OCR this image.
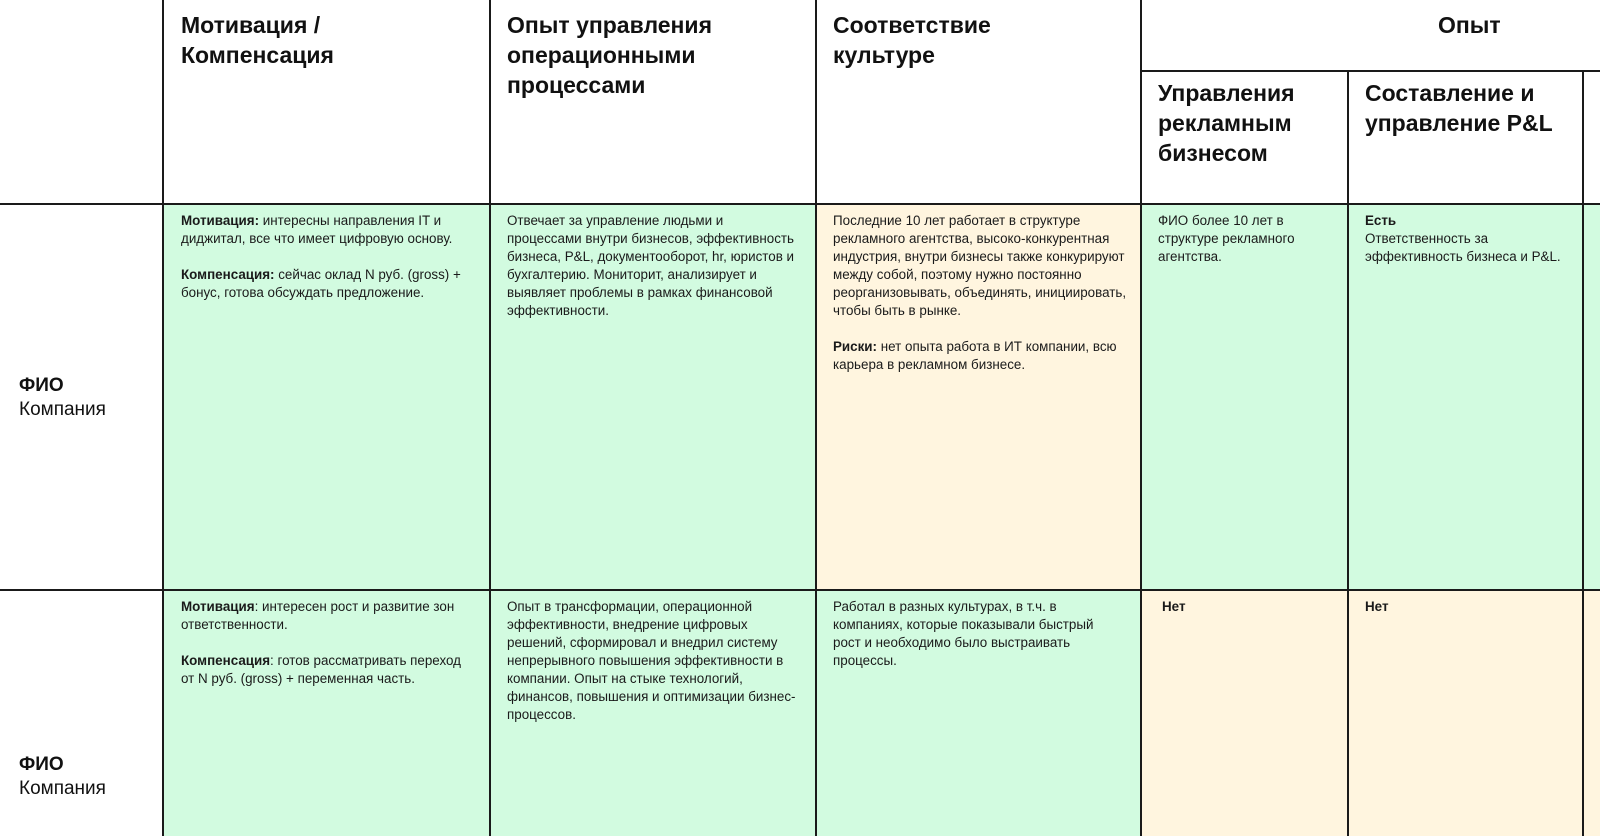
Мотивация / Компенсация
Опыт управления операционными процессами
Соответствие культуре
Опыт
Управления рекламным бизнесом
Составление и управление P&L
ФИО
Компания

Мотивация: интересны направления IT и диджитал, все что имеет цифровую основу.

Компенсация: сейчас оклад N руб. (gross) + бонус, готова обсуждать предложение.

Отвечает за управление людьми и процессами внутри бизнесов, эффективность бизнеса, P&L, документооборот, hr, юристов и бухгалтерию. Мониторит, анализирует и выявляет проблемы в рамках финансовой эффективности.

Последние 10 лет работает в структуре рекламного агентства, высоко-конкурентная индустрия, внутри бизнесы также конкурируют между собой, поэтому нужно постоянно реорганизовывать, объединять, инициировать, чтобы быть в рынке.

Риски: нет опыта работа в ИТ компании, всю карьера в рекламном бизнесе.

ФИО более 10 лет в структуре рекламного агентства.
Есть
Ответственность за эффективность бизнеса и P&L.
ФИО
Компания

Мотивация: интересен рост и развитие зон ответственности.

Компенсация: готов рассматривать переход от N руб. (gross) + переменная часть.

Опыт в трансформации, операционной эффективности, внедрение цифровых решений, сформировал и внедрил систему непрерывного повышения эффективности в компании. Опыт на стыке технологий, финансов, повышения и оптимизации бизнес-процессов.
Работал в разных культурах, в т.ч. в компаниях, которые показывали быстрый рост и необходимо было выстраивать процессы.
Нет	Нет
